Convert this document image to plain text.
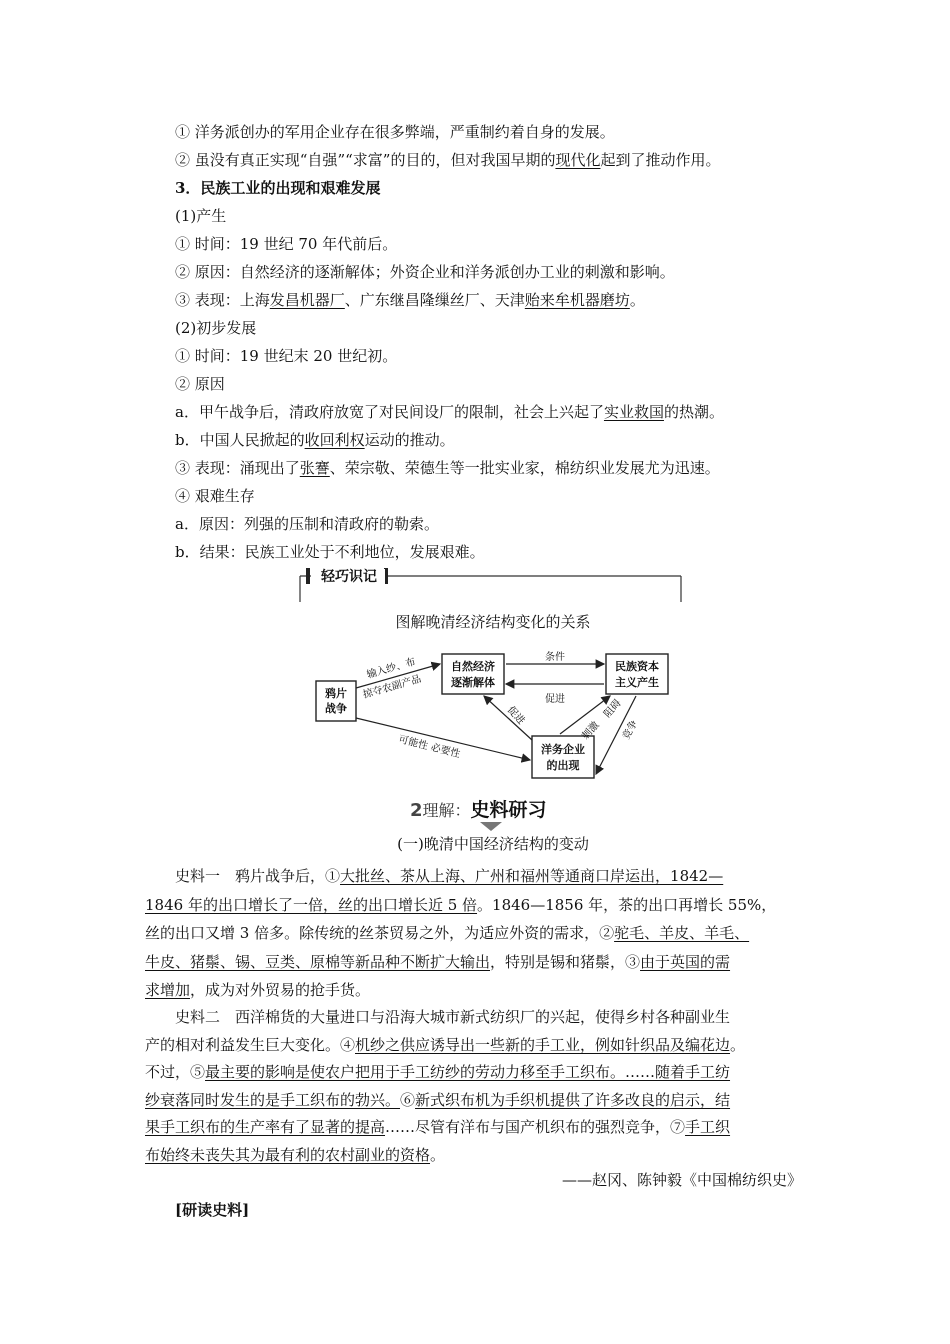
① 洋务派创办的军用企业存在很多弊端，严重制约着自身的发展。
② 虽没有真正实现“自强”“求富”的目的，但对我国早期的现代化起到了推动作用。
3．民族工业的出现和艰难发展
(1)产生
① 时间：19 世纪 70 年代前后。
② 原因：自然经济的逐渐解体；外资企业和洋务派创办工业的刺激和影响。
③ 表现：上海发昌机器厂、广东继昌隆缫丝厂、天津贻来牟机器磨坊。
(2)初步发展
① 时间：19 世纪末 20 世纪初。
② 原因
a．甲午战争后，清政府放宽了对民间设厂的限制，社会上兴起了实业救国的热潮。
b．中国人民掀起的收回利权运动的推动。
③ 表现：涌现出了张謇、荣宗敬、荣德生等一批实业家，棉纺织业发展尤为迅速。
④ 艰难生存
a．原因：列强的压制和清政府的勒索。
b．结果：民族工业处于不利地位，发展艰难。
轻巧识记
图解晚清经济结构变化的关系
鸦片
战争
自然经济
逐渐解体
民族资本
主义产生
洋务企业
的出现
输入纱、布
掠夺农副产品
条件
促进
促进
刺激
阻碍
竞争
可能性 必要性
2理解：史料研习
(一)晚清中国经济结构的变动
史料一　鸦片战争后，①大批丝、茶从上海、广州和福州等通商口岸运出，1842—
1846 年的出口增长了一倍，丝的出口增长近 5 倍。1846—1856 年，茶的出口再增长 55%，
丝的出口又增 3 倍多。除传统的丝茶贸易之外，为适应外资的需求，②驼毛、羊皮、羊毛、
牛皮、猪鬃、锡、豆类、原棉等新品种不断扩大输出，特别是锡和猪鬃，③由于英国的需
求增加，成为对外贸易的抢手货。
史料二　西洋棉货的大量进口与沿海大城市新式纺织厂的兴起，使得乡村各种副业生
产的相对利益发生巨大变化。④机纱之供应诱导出一些新的手工业，例如针织品及编花边。
不过，⑤最主要的影响是使农户把用于手工纺纱的劳动力移至手工织布。……随着手工纺
纱衰落同时发生的是手工织布的勃兴。⑥新式织布机为手织机提供了许多改良的启示，结
果手工织布的生产率有了显著的提高……尽管有洋布与国产机织布的强烈竞争，⑦手工织
布始终未丧失其为最有利的农村副业的资格。
——赵冈、陈钟毅《中国棉纺织史》
[研读史料]
